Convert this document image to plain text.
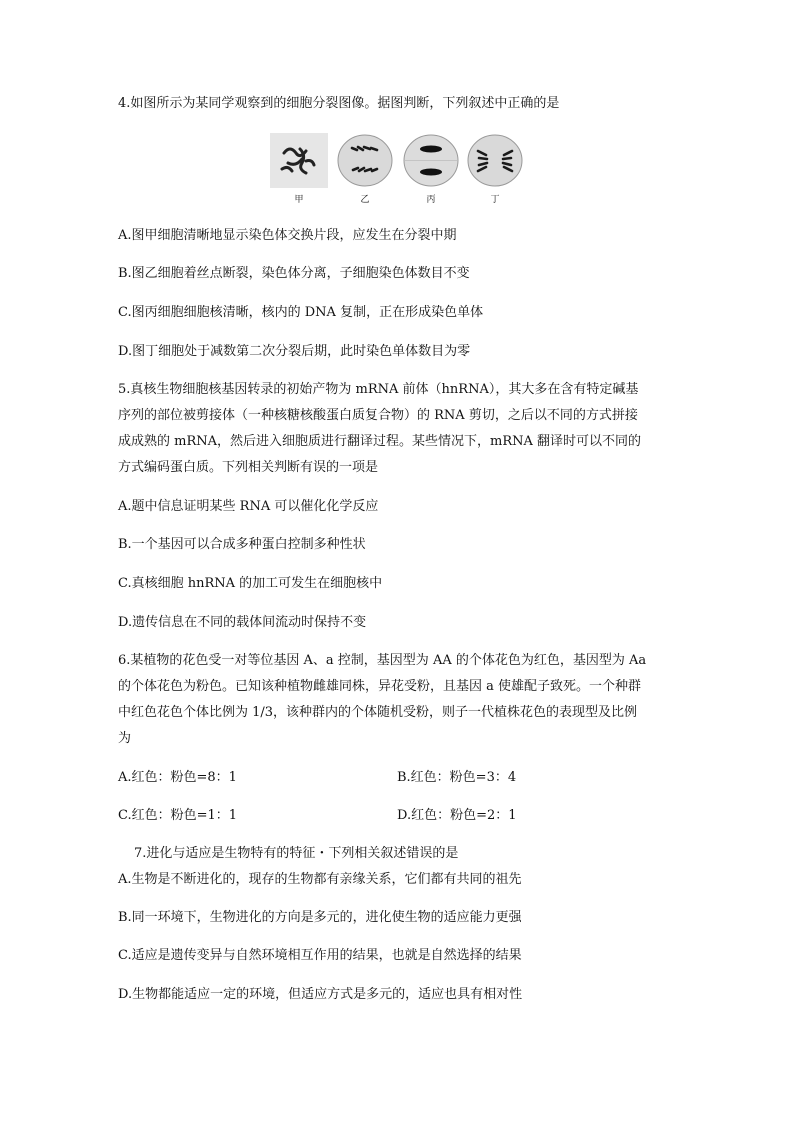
4.如图所示为某同学观察到的细胞分裂图像。据图判断，下列叙述中正确的是

甲	乙	丙	丁

A.图甲细胞清晰地显示染色体交换片段，应发生在分裂中期

B.图乙细胞着丝点断裂，染色体分离，子细胞染色体数目不变

C.图丙细胞细胞核清晰，核内的 DNA 复制，正在形成染色单体

D.图丁细胞处于减数第二次分裂后期，此时染色单体数目为零

5.真核生物细胞核基因转录的初始产物为 mRNA 前体（hnRNA），其大多在含有特定碱基

序列的部位被剪接体（一种核糖核酸蛋白质复合物）的 RNA 剪切，之后以不同的方式拼接

成成熟的 mRNA，然后进入细胞质进行翻译过程。某些情况下，mRNA 翻译时可以不同的

方式编码蛋白质。下列相关判断有误的一项是

A.题中信息证明某些 RNA 可以催化化学反应

B.一个基因可以合成多种蛋白控制多种性状

C.真核细胞 hnRNA 的加工可发生在细胞核中

D.遗传信息在不同的载体间流动时保持不变

6.某植物的花色受一对等位基因 A、a 控制，基因型为 AA 的个体花色为红色，基因型为 Aa

的个体花色为粉色。已知该种植物雌雄同株，异花受粉，且基因 a 使雄配子致死。一个种群

中红色花色个体比例为 1/3，该种群内的个体随机受粉，则子一代植株花色的表现型及比例

为

A.红色：粉色=8：1	B.红色：粉色=3：4

C.红色：粉色=1：1	D.红色：粉色=2：1

7.进化与适应是生物特有的特征・下列相关叙述错误的是

A.生物是不断进化的，现存的生物都有亲缘关系，它们都有共同的祖先

B.同一环境下，生物进化的方向是多元的，进化使生物的适应能力更强

C.适应是遗传变异与自然环境相互作用的结果，也就是自然选择的结果

D.生物都能适应一定的环境，但适应方式是多元的，适应也具有相对性
